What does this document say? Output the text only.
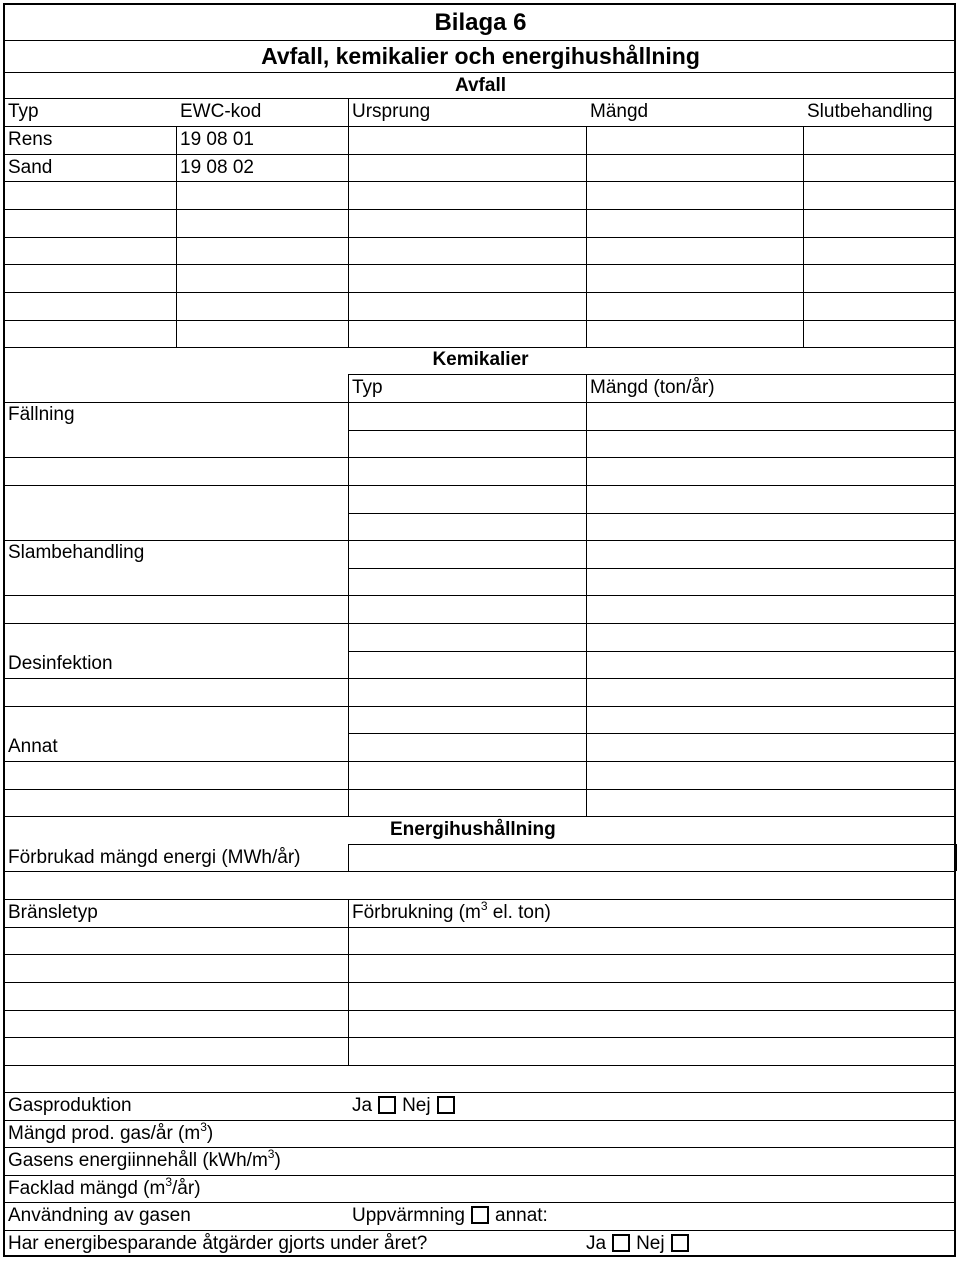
Bilaga 6
Avfall, kemikalier och energihushållning
Avfall
Typ	EWC-kod	Ursprung	Mängd	Slutbehandling
Rens	19 08 01
Sand	19 08 02
Kemikalier
Typ	Mängd (ton/år)
Fällning
Slambehandling
Desinfektion
Annat
Energihushållning
Förbrukad mängd energi (MWh/år)
Bränsletyp	Förbrukning ($m^3$ el. ton)
Gasproduktion	Ja Nej
Mängd prod. gas/år $(m^3)$
Gasens energiinnehåll $(kWh/m^3)$
Facklad mängd $(m^3/år)$
Användning av gasen	Uppvärmning annat:
Har energibesparande åtgärder gjorts under året?	Ja Nej
